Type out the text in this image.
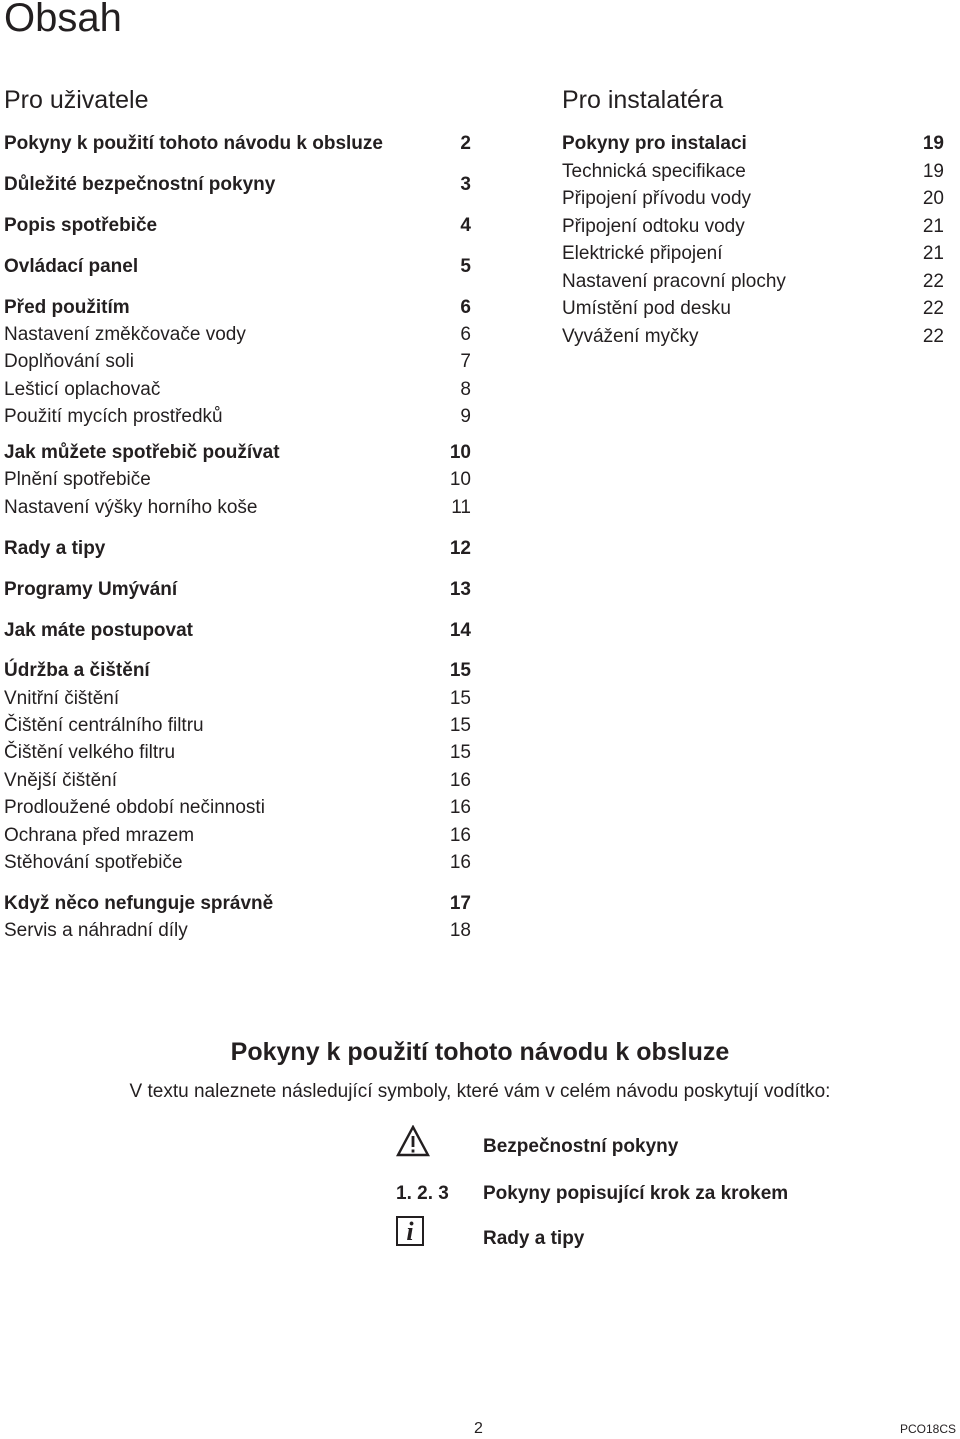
Obsah
Pro uživatele
Pokyny k použití tohoto návodu k obsluze	2
Důležité bezpečnostní pokyny	3
Popis spotřebiče	4
Ovládací panel	5
Před použitím	6
Nastavení změkčovače vody	6
Doplňování soli	7
Lešticí oplachovač	8
Použití mycích prostředků	9
Jak můžete spotřebič používat	10
Plnění spotřebiče	10
Nastavení výšky horního koše	11
Rady a tipy	12
Programy Umývání	13
Jak máte postupovat	14
Údržba a čištění	15
Vnitřní čištění	15
Čištění centrálního filtru	15
Čištění velkého filtru	15
Vnější čištění	16
Prodloužené období nečinnosti	16
Ochrana před mrazem	16
Stěhování spotřebiče	16
Když něco nefunguje správně	17
Servis a náhradní díly	18
Pro instalatéra
Pokyny pro instalaci	19
Technická specifikace	19
Připojení přívodu vody	20
Připojení odtoku vody	21
Elektrické připojení	21
Nastavení pracovní plochy	22
Umístění pod desku	22
Vyvážení myčky	22
Pokyny k použití tohoto návodu k obsluze
V textu naleznete následující symboly, které vám v celém návodu poskytují vodítko:
Bezpečnostní pokyny
1. 2. 3 Pokyny popisující krok za krokem
i	Rady a tipy
2	PCO18CS
